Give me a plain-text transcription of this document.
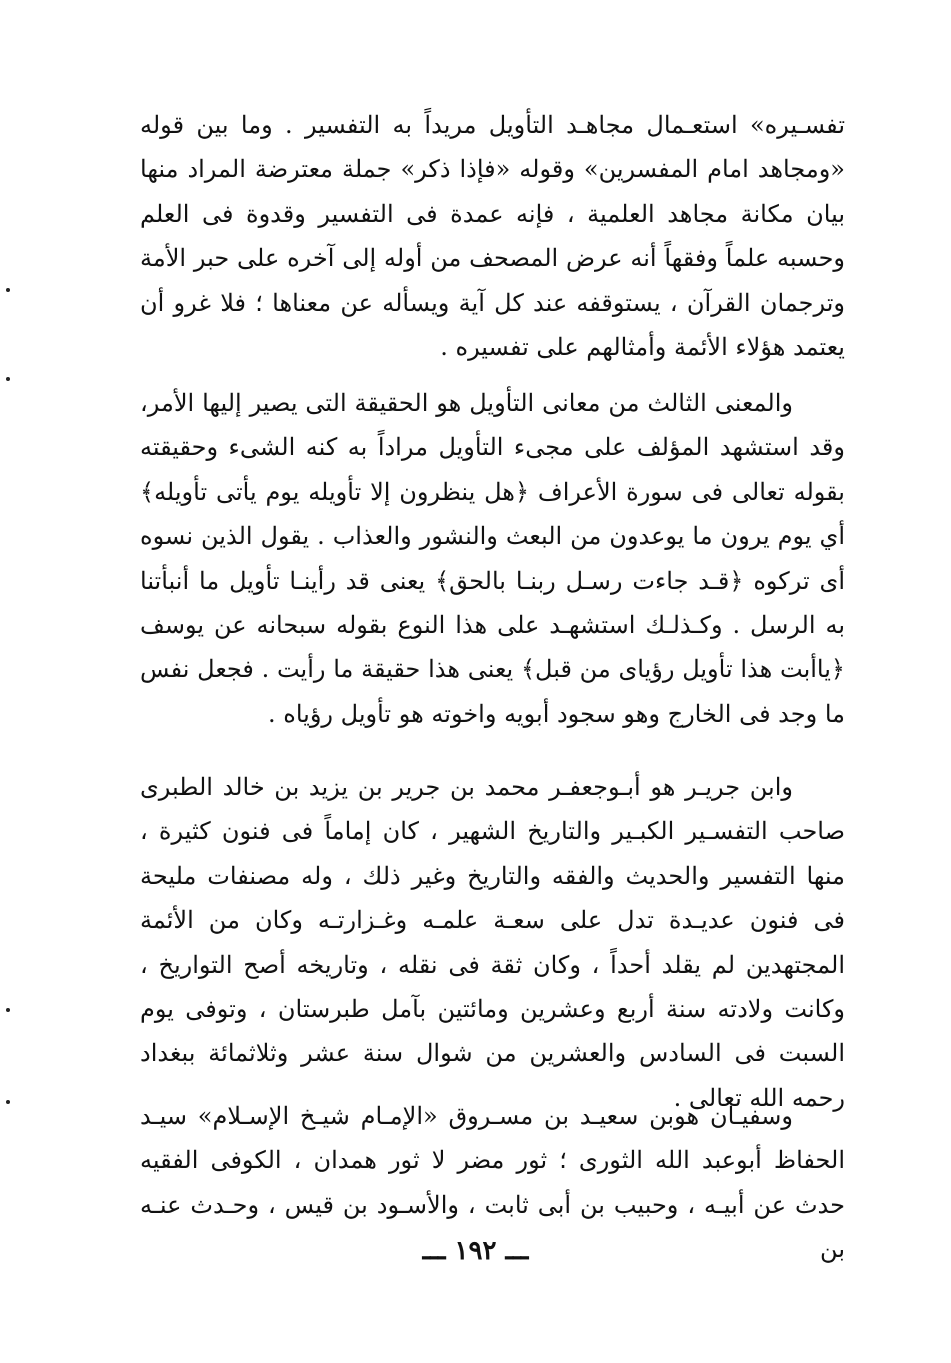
تفسـيره» استعـمال مجاهـد التأويل مريداً به التفسير . وما بين قوله «ومجاهد امام المفسرين» وقوله «فإذا ذكر» جملة معترضة المراد منها بيان مكانة مجاهد العلمية ، فإنه عمدة فى التفسير وقدوة فى العلم وحسبه علماً وفقهاً أنه عرض المصحف من أوله إلى آخره على حبر الأمة وترجمان القرآن ، يستوقفه عند كل آية ويسأله عن معناها ؛ فلا غرو أن يعتمد هؤلاء الأئمة وأمثالهم على تفسيره .

والمعنى الثالث من معانى التأويل هو الحقيقة التى يصير إليها الأمر، وقد استشهد المؤلف على مجىء التأويل مراداً به كنه الشىء وحقيقته بقوله تعالى فى سورة الأعراف ﴿هل ينظرون إلا تأويله يوم يأتى تأويله﴾ أي يوم يرون ما يوعدون من البعث والنشور والعذاب . يقول الذين نسوه أى تركوه ﴿قـد جاءت رسـل ربنـا بالحق﴾ يعنى قد رأينـا تأويل ما أنبأتنا به الرسل . وكـذلـك استشهـد على هذا النوع بقوله سبحانه عن يوسف ﴿ياأبت هذا تأويل رؤياى من قبل﴾ يعنى هذا حقيقة ما رأيت . فجعل نفس ما وجد فى الخارج وهو سجود أبويه واخوته هو تأويل رؤياه .

وابن جريـر هو أبـوجعفـر محمد بن جرير بن يزيد بن خالد الطبرى صاحب التفسـير الكبـير والتاريخ الشهير ، كان إماماً فى فنون كثيرة ، منها التفسير والحديث والفقه والتاريخ وغير ذلك ، وله مصنفات مليحة فى فنون عديـدة تدل على سعـة علمـه وغـزارتـه وكان من الأئمة المجتهدين لم يقلد أحداً ، وكان ثقة فى نقله ، وتاريخه أصح التواريخ ، وكانت ولادته سنة أربع وعشرين ومائتين بآمل طبرستان ، وتوفى يوم السبت فى السادس والعشرين من شوال سنة عشر وثلاثمائة ببغداد رحمه الله تعالى .

وسفيـان هوبن سعيـد بن مسـروق «الإمـام شيـخ الإسـلام» سيـد الحفاظ أبوعبد الله الثورى ؛ ثور مضر لا ثور همدان ، الكوفى الفقيه حدث عن أبيـه ، وحبيب بن أبى ثابت ، والأسـود بن قيس ، وحـدث عنـه بن

ـــ ١٩٢ ـــ
